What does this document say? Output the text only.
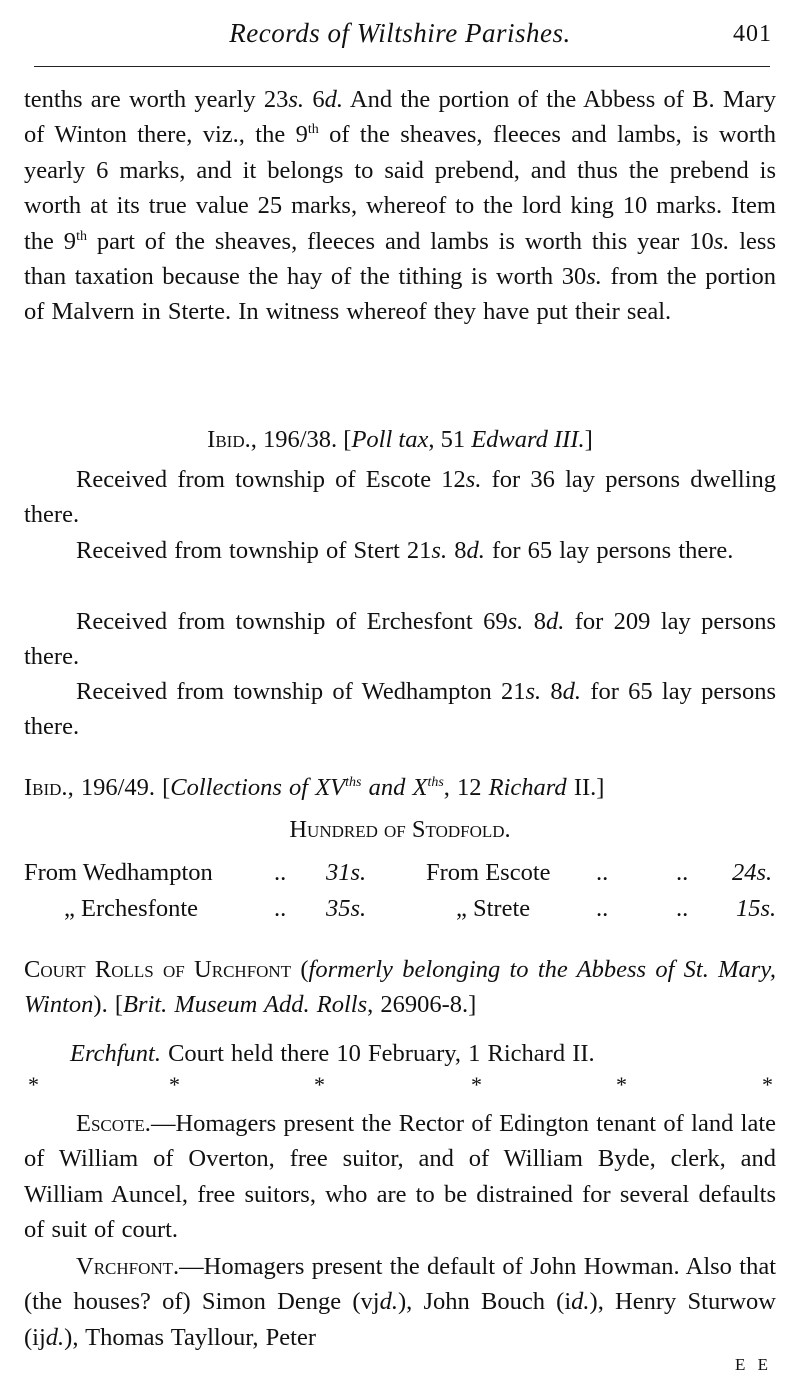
Records of Wiltshire Parishes.	401
tenths are worth yearly 23s. 6d. And the portion of the Abbess of B. Mary of Winton there, viz., the 9th of the sheaves, fleeces and lambs, is worth yearly 6 marks, and it belongs to said prebend, and thus the prebend is worth at its true value 25 marks, whereof to the lord king 10 marks. Item the 9th part of the sheaves, fleeces and lambs is worth this year 10s. less than taxation because the hay of the tithing is worth 30s. from the portion of Malvern in Sterte. In witness whereof they have put their seal.
Ibid., 196/38. [Poll tax, 51 Edward III.]
Received from township of Escote 12s. for 36 lay persons dwelling there.
Received from township of Stert 21s. 8d. for 65 lay persons there.
Received from township of Erchesfont 69s. 8d. for 209 lay persons there.
Received from township of Wedhampton 21s. 8d. for 65 lay persons there.
Ibid., 196/49. [Collections of $XV^{ths}$ and $X^{ths}$, 12 Richard II.]
Hundred of Stodfold.
From Wedhampton .. 31s. From Escote ..	.. 24s.
„ Erchesfonte	.. 35s.	„ Strete	..	.. 15s.
Court Rolls of Urchfont (formerly belonging to the Abbess of St. Mary, Winton). [Brit. Museum Add. Rolls, 26906-8.]
Erchfunt. Court held there 10 February, 1 Richard II.
*	*	*	*	*	*
Escote.—Homagers present the Rector of Edington tenant of land late of William of Overton, free suitor, and of William Byde, clerk, and William Auncel, free suitors, who are to be distrained for several defaults of suit of court.
Vrchfont.—Homagers present the default of John Howman. Also that (the houses? of) Simon Denge (vjd.), John Bouch (id.), Henry Sturwow (ijd.), Thomas Tayllour, Peter
E E
